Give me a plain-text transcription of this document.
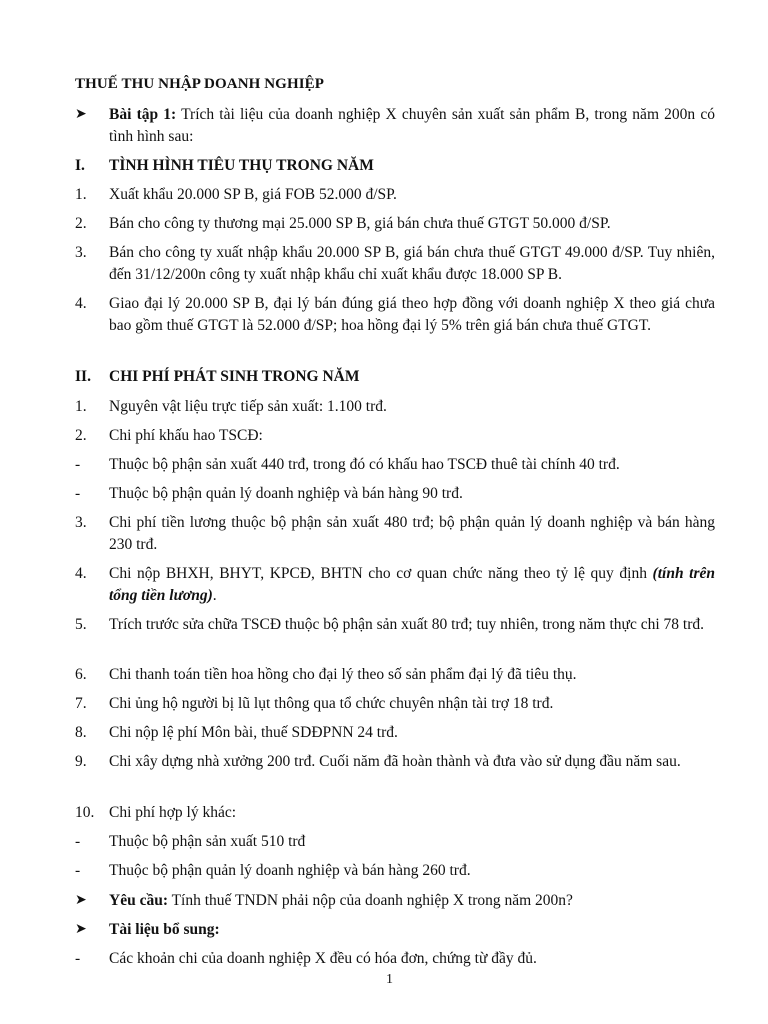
THUẾ THU NHẬP DOANH NGHIỆP
➤	Bài tập 1: Trích tài liệu của doanh nghiệp X chuyên sản xuất sản phẩm B, trong năm 200n có tình hình sau:
I.	TÌNH HÌNH TIÊU THỤ TRONG NĂM
1.	Xuất khẩu 20.000 SP B, giá FOB 52.000 đ/SP.
2.	Bán cho công ty thương mại 25.000 SP B, giá bán chưa thuế GTGT 50.000 đ/SP.
3.	Bán cho công ty xuất nhập khẩu 20.000 SP B, giá bán chưa thuế GTGT 49.000 đ/SP. Tuy nhiên, đến 31/12/200n công ty xuất nhập khẩu chỉ xuất khẩu được 18.000 SP B.
4.	Giao đại lý 20.000 SP B, đại lý bán đúng giá theo hợp đồng với doanh nghiệp X theo giá chưa bao gồm thuế GTGT là 52.000 đ/SP; hoa hồng đại lý 5% trên giá bán chưa thuế GTGT.
II.	CHI PHÍ PHÁT SINH TRONG NĂM
1.	Nguyên vật liệu trực tiếp sản xuất: 1.100 trđ.
2.	Chi phí khấu hao TSCĐ:
-	Thuộc bộ phận sản xuất 440 trđ, trong đó có khấu hao TSCĐ thuê tài chính 40 trđ.
-	Thuộc bộ phận quản lý doanh nghiệp và bán hàng 90 trđ.
3.	Chi phí tiền lương thuộc bộ phận sản xuất 480 trđ; bộ phận quản lý doanh nghiệp và bán hàng 230 trđ.
4.	Chi nộp BHXH, BHYT, KPCĐ, BHTN cho cơ quan chức năng theo tỷ lệ quy định (tính trên tổng tiền lương).
5.	Trích trước sửa chữa TSCĐ thuộc bộ phận sản xuất 80 trđ; tuy nhiên, trong năm thực chi 78 trđ.
6.	Chi thanh toán tiền hoa hồng cho đại lý theo số sản phẩm đại lý đã tiêu thụ.
7.	Chi ủng hộ người bị lũ lụt thông qua tổ chức chuyên nhận tài trợ 18 trđ.
8.	Chi nộp lệ phí Môn bài, thuế SDĐPNN 24 trđ.
9.	Chi xây dựng nhà xưởng 200 trđ. Cuối năm đã hoàn thành và đưa vào sử dụng đầu năm sau.
10. Chi phí hợp lý khác:
-	Thuộc bộ phận sản xuất 510 trđ
-	Thuộc bộ phận quản lý doanh nghiệp và bán hàng 260 trđ.
➤	Yêu cầu: Tính thuế TNDN phải nộp của doanh nghiệp X trong năm 200n?
➤	Tài liệu bổ sung:
-	Các khoản chi của doanh nghiệp X đều có hóa đơn, chứng từ đầy đủ.
1
